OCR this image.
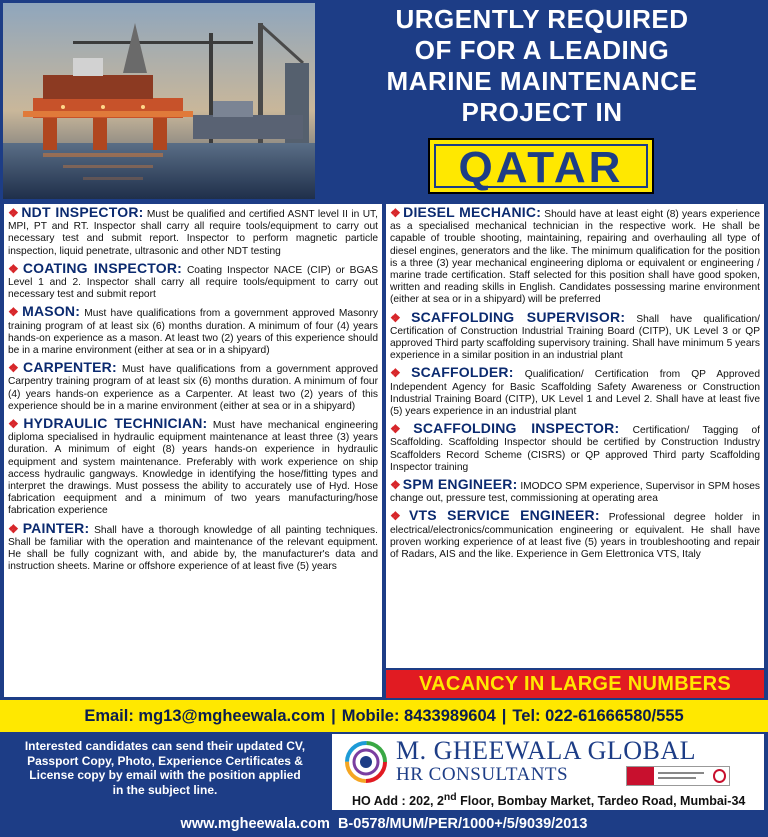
URGENTLY REQUIRED
OF FOR A LEADING
MARINE MAINTENANCE
PROJECT IN
QATAR
❖ NDT INSPECTOR: Must be qualified and certified ASNT level II in UT, MPI, PT and RT. Inspector shall carry all require tools/equipment to carry out necessary test and submit report. Inspector to perform magnetic particle inspection, liquid penetrate, ultrasonic and other NDT testing
❖ COATING INSPECTOR: Coating Inspector NACE (CIP) or BGAS Level 1 and 2. Inspector shall carry all require tools/equipment to carry out necessary test and submit report
❖ MASON: Must have qualifications from a government approved Masonry training program of at least six (6) months duration. A minimum of four (4) years hands-on experience as a mason. At least two (2) years of this experience should be in a marine environment (either at sea or in a shipyard)
❖ CARPENTER: Must have qualifications from a government approved Carpentry training program of at least six (6) months duration. A minimum of four (4) years hands-on experience as a Carpenter. At least two (2) years of this experience should be in a marine environment (either at sea or in a shipyard)
❖ HYDRAULIC TECHNICIAN: Must have mechanical engineering diploma specialised in hydraulic equipment maintenance at least three (3) years duration. A minimum of eight (8) years hands-on experience in hydraulic equipment and system maintenance. Preferably with work experience on ship access hydraulic gangways. Knowledge in identifying the hose/fitting types and interpret the drawings. Must possess the ability to accurately use of Hyd. Hose fabrication eequipment and a minimum of two years manufacturing/hose fabrication experience
❖ PAINTER: Shall have a thorough knowledge of all painting techniques. Shall be familiar with the operation and maintenance of the relevant equipment. He shall be fully cognizant with, and abide by, the manufacturer's data and instruction sheets. Marine or offshore experience of at least five (5) years
❖ DIESEL MECHANIC: Should have at least eight (8) years experience as a specialised mechanical technician in the respective work. He shall be capable of trouble shooting, maintaining, repairing and overhauling all type of diesel engines, generators and the like. The minimum qualification for the position is a three (3) year mechanical engineering diploma or equivalent or engineering / marine trade certification. Staff selected for this position shall have good spoken, written and reading skills in English. Candidates possessing marine environment (either at sea or in a shipyard) will be preferred
❖ SCAFFOLDING SUPERVISOR: Shall have qualification/ Certification of Construction Industrial Training Board (CITP), UK Level 3 or QP approved Third party scaffolding supervisory training. Shall have minimum 5 years experience in a similar position in an industrial plant
❖ SCAFFOLDER: Qualification/ Certification from QP Approved Independent Agency for Basic Scaffolding Safety Awareness or Construction Industrial Training Board (CITP), UK Level 1 and Level 2. Shall have at least five (5) years experience in an industrial plant
❖ SCAFFOLDING INSPECTOR: Certification/ Tagging of Scaffolding. Scaffolding Inspector should be certified by Construction Industry Scaffolders Record Scheme (CISRS) or QP approved Third party Scaffolding Inspector training
❖ SPM ENGINEER: IMODCO SPM experience, Supervisor in SPM hoses change out, pressure test, commissioning at operating area
❖ VTS SERVICE ENGINEER: Professional degree holder in electrical/electronics/communication engineering or equivalent. He shall have proven working experience of at least five (5) years in troubleshooting and repair of Radars, AIS and the like. Experience in Gem Elettronica VTS, Italy
VACANCY IN LARGE NUMBERS
Email: mg13@mgheewala.com | Mobile: 8433989604 | Tel: 022-61666580/555
Interested candidates can send their updated CV,
Passport Copy, Photo, Experience Certificates &
License copy by email with the position applied
in the subject line.
M. GHEEWALA GLOBAL
HR CONSULTANTS
HO Add : 202, 2nd Floor, Bombay Market, Tardeo Road, Mumbai-34
www.mgheewala.com B-0578/MUM/PER/1000+/5/9039/2013
